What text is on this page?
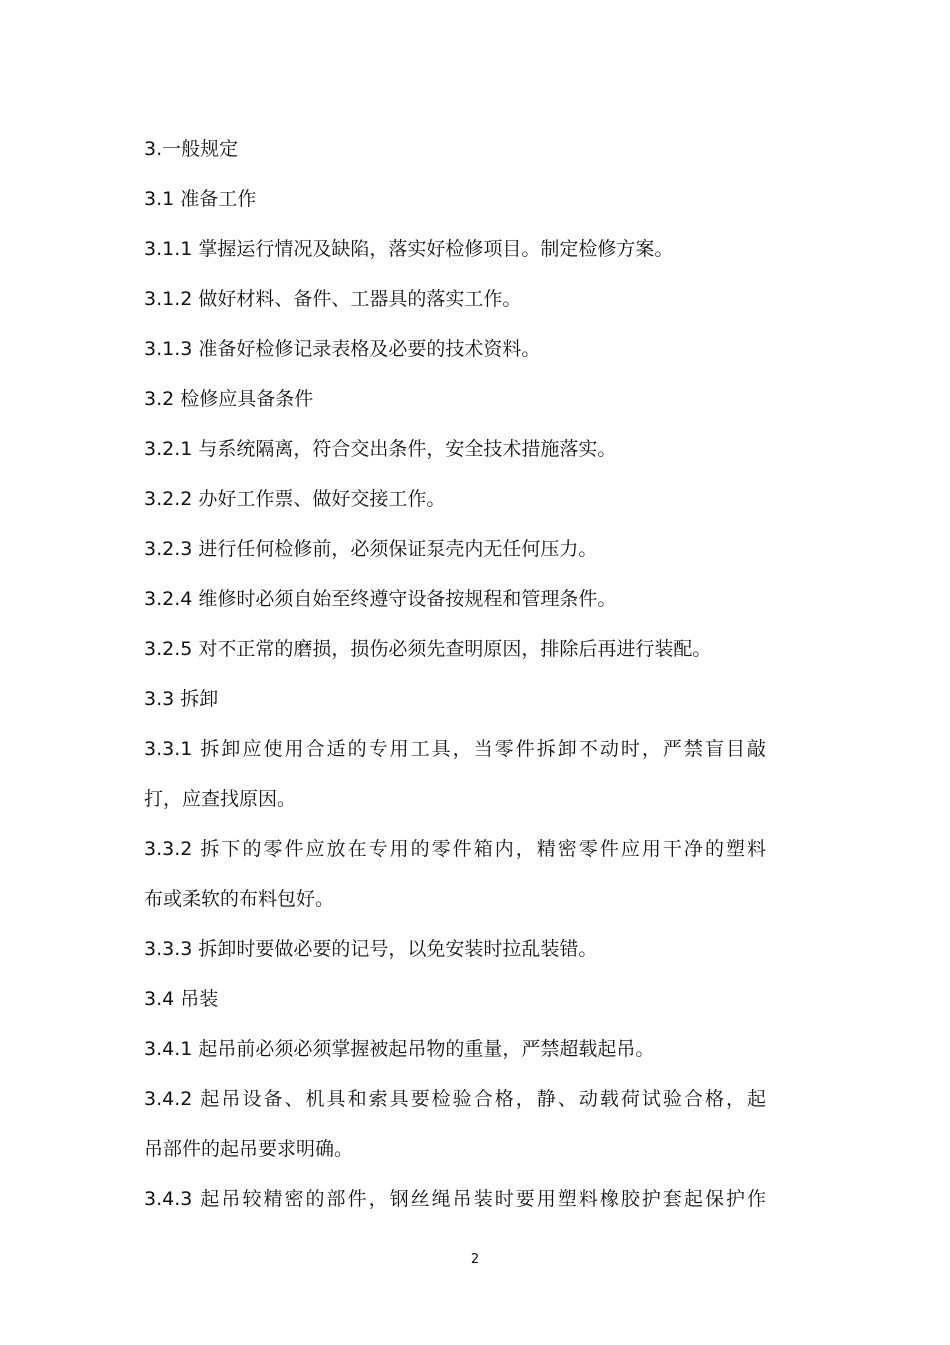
3.一般规定
3.1 准备工作
3.1.1 掌握运行情况及缺陷，落实好检修项目。制定检修方案。
3.1.2 做好材料、备件、工器具的落实工作。
3.1.3 准备好检修记录表格及必要的技术资料。
3.2 检修应具备条件
3.2.1 与系统隔离，符合交出条件，安全技术措施落实。
3.2.2 办好工作票、做好交接工作。
3.2.3 进行任何检修前，必须保证泵壳内无任何压力。
3.2.4 维修时必须自始至终遵守设备按规程和管理条件。
3.2.5 对不正常的磨损，损伤必须先查明原因，排除后再进行装配。
3.3 拆卸
3.3.1 拆卸应使用合适的专用工具，当零件拆卸不动时，严禁盲目敲
打，应查找原因。
3.3.2 拆下的零件应放在专用的零件箱内，精密零件应用干净的塑料
布或柔软的布料包好。
3.3.3 拆卸时要做必要的记号，以免安装时拉乱装错。
3.4 吊装
3.4.1 起吊前必须必须掌握被起吊物的重量，严禁超载起吊。
3.4.2 起吊设备、机具和索具要检验合格，静、动载荷试验合格，起
吊部件的起吊要求明确。
3.4.3 起吊较精密的部件，钢丝绳吊装时要用塑料橡胶护套起保护作
2
